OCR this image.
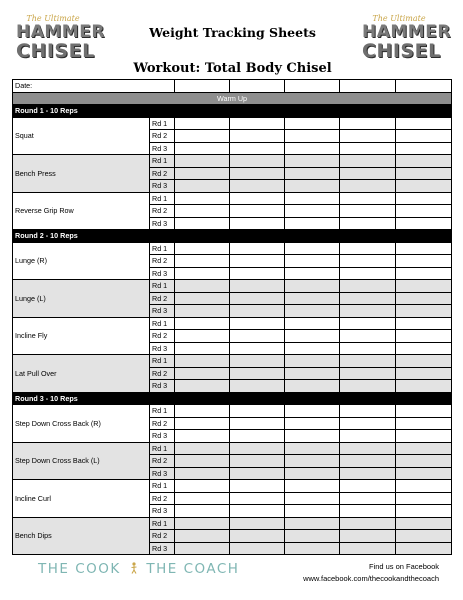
The Ultimate
HAMMER
CHISEL
The Ultimate
HAMMER
CHISEL
Weight Tracking Sheets
Workout: Total Body Chisel
Date:						
Warm Up						
Round 1 - 10 Reps						
Squat	Rd 1					
	Rd 2					
	Rd 3					
Bench Press	Rd 1					
	Rd 2					
	Rd 3					
Reverse Grip Row	Rd 1					
	Rd 2					
	Rd 3					
Round 2 - 10 Reps						
Lunge (R)	Rd 1					
	Rd 2					
	Rd 3					
Lunge (L)	Rd 1					
	Rd 2					
	Rd 3					
Incline Fly	Rd 1					
	Rd 2					
	Rd 3					
Lat Pull Over	Rd 1					
	Rd 2					
	Rd 3					
Round 3 - 10 Reps						
Step Down Cross Back (R)	Rd 1					
	Rd 2					
	Rd 3					
Step Down Cross Back (L)	Rd 1					
	Rd 2					
	Rd 3					
Incline Curl	Rd 1					
	Rd 2					
	Rd 3					
Bench Dips	Rd 1					
	Rd 2					
	Rd 3					
THE COOK THE COACH	Find us on Facebook
www.facebook.com/thecookandthecoach
